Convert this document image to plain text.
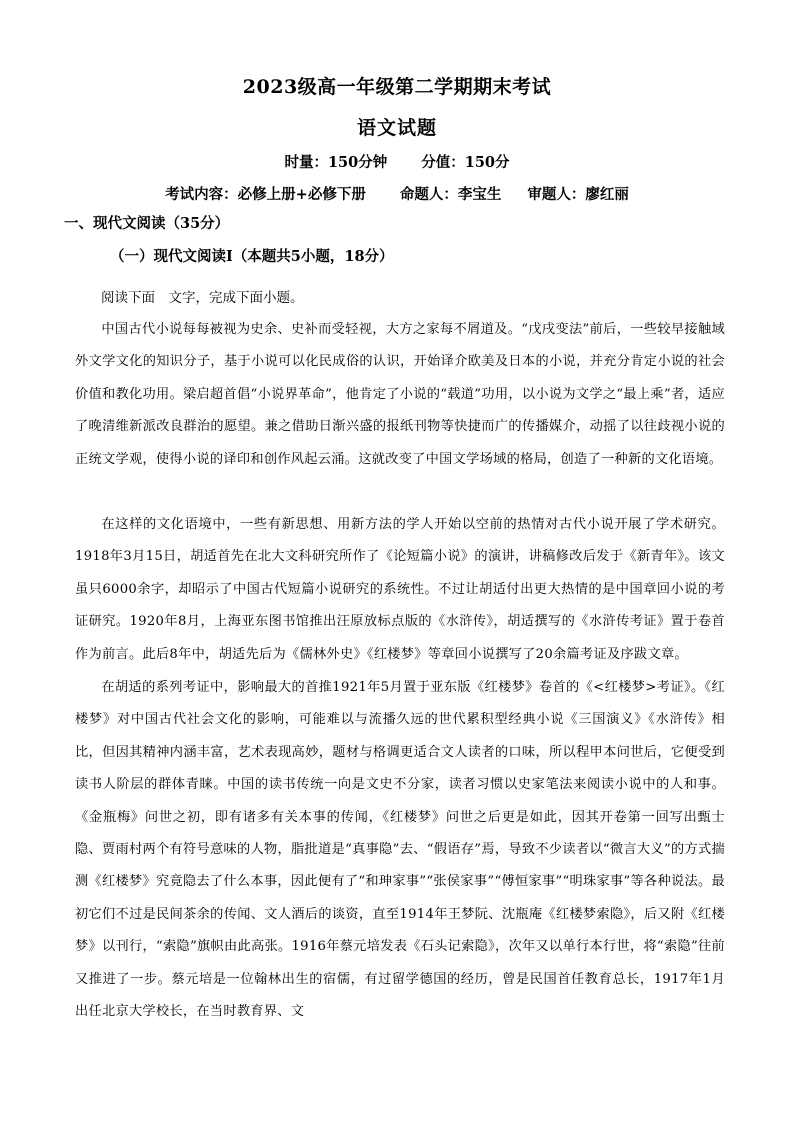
2023级高一年级第二学期期末考试
语文试题
时量：150分钟 分值：150分
考试内容：必修上册+必修下册 命题人：李宝生 审题人：廖红丽
一、现代文阅读（35分）
（一）现代文阅读Ⅰ（本题共5小题，18分）
阅读下面　文字，完成下面小题。

中国古代小说每每被视为史余、史补而受轻视，大方之家每不屑道及。“戊戌变法”前后，一些较早接触域外文学文化的知识分子，基于小说可以化民成俗的认识，开始译介欧美及日本的小说，并充分肯定小说的社会价值和教化功用。梁启超首倡“小说界革命”，他肯定了小说的“载道”功用，以小说为文学之“最上乘”者，适应了晚清维新派改良群治的愿望。兼之借助日渐兴盛的报纸刊物等快捷而广的传播媒介，动摇了以往歧视小说的正统文学观，使得小说的译印和创作风起云涌。这就改变了中国文学场域的格局，创造了一种新的文化语境。

在这样的文化语境中，一些有新思想、用新方法的学人开始以空前的热情对古代小说开展了学术研究。1918年3月15日，胡适首先在北大文科研究所作了《论短篇小说》的演讲，讲稿修改后发于《新青年》。该文虽只6000余字，却昭示了中国古代短篇小说研究的系统性。不过让胡适付出更大热情的是中国章回小说的考证研究。1920年8月，上海亚东图书馆推出汪原放标点版的《水浒传》，胡适撰写的《水浒传考证》置于卷首作为前言。此后8年中，胡适先后为《儒林外史》《红楼梦》等章回小说撰写了20余篇考证及序跋文章。

在胡适的系列考证中，影响最大的首推1921年5月置于亚东版《红楼梦》卷首的《<红楼梦>考证》。《红楼梦》对中国古代社会文化的影响，可能难以与流播久远的世代累积型经典小说《三国演义》《水浒传》相比，但因其精神内涵丰富，艺术表现高妙，题材与格调更适合文人读者的口味，所以程甲本问世后，它便受到读书人阶层的群体青睐。中国的读书传统一向是文史不分家，读者习惯以史家笔法来阅读小说中的人和事。《金瓶梅》问世之初，即有诸多有关本事的传闻，《红楼梦》问世之后更是如此，因其开卷第一回写出甄士隐、贾雨村两个有符号意味的人物，脂批道是“真事隐”去、“假语存”焉，导致不少读者以“微言大义”的方式揣测《红楼梦》究竟隐去了什么本事，因此便有了“和珅家事”“张侯家事”“傅恒家事”“明珠家事”等各种说法。最初它们不过是民间茶余的传闻、文人酒后的谈资，直至1914年王梦阮、沈瓶庵《红楼梦索隐》，后又附《红楼梦》以刊行，“索隐”旗帜由此高张。1916年蔡元培发表《石头记索隐》，次年又以单行本行世，将“索隐”往前又推进了一步。蔡元培是一位翰林出生的宿儒，有过留学德国的经历，曾是民国首任教育总长，1917年1月出任北京大学校长，在当时教育界、文
